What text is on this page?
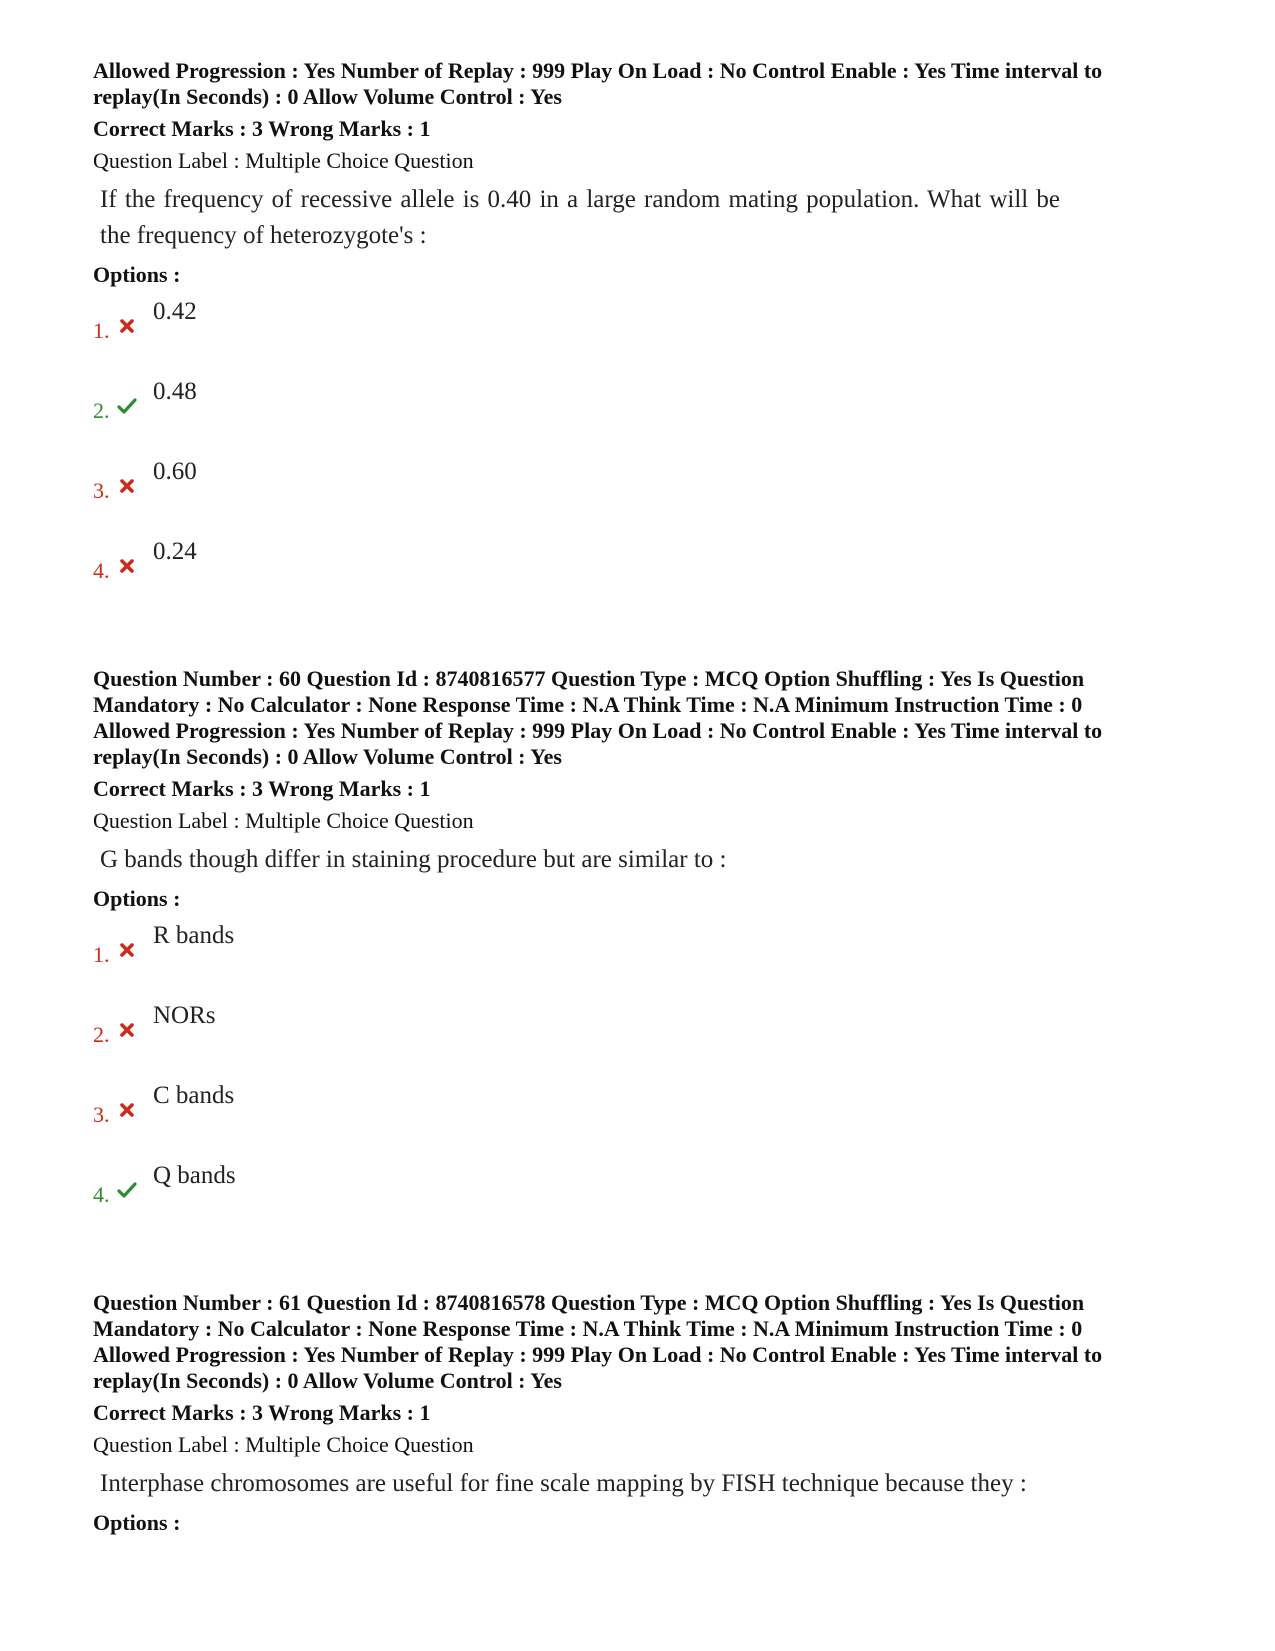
Allowed Progression : Yes Number of Replay : 999 Play On Load : No Control Enable : Yes Time interval to

replay(In Seconds) : 0 Allow Volume Control : Yes

Correct Marks : 3 Wrong Marks : 1
Question Label : Multiple Choice Question
If the frequency of recessive allele is 0.40 in a large random mating population. What will be the frequency of heterozygote's :
Options :
1.
0.42
2.
0.48
3.
0.60
4.
0.24

Question Number : 60 Question Id : 8740816577 Question Type : MCQ Option Shuffling : Yes Is Question

Mandatory : No Calculator : None Response Time : N.A Think Time : N.A Minimum Instruction Time : 0

Allowed Progression : Yes Number of Replay : 999 Play On Load : No Control Enable : Yes Time interval to

replay(In Seconds) : 0 Allow Volume Control : Yes

Correct Marks : 3 Wrong Marks : 1
Question Label : Multiple Choice Question
G bands though differ in staining procedure but are similar to :
Options :
1.
R bands
2.
NORs
3.
C bands
4.
Q bands

Question Number : 61 Question Id : 8740816578 Question Type : MCQ Option Shuffling : Yes Is Question

Mandatory : No Calculator : None Response Time : N.A Think Time : N.A Minimum Instruction Time : 0

Allowed Progression : Yes Number of Replay : 999 Play On Load : No Control Enable : Yes Time interval to

replay(In Seconds) : 0 Allow Volume Control : Yes

Correct Marks : 3 Wrong Marks : 1
Question Label : Multiple Choice Question
Interphase chromosomes are useful for fine scale mapping by FISH technique because they :
Options :
